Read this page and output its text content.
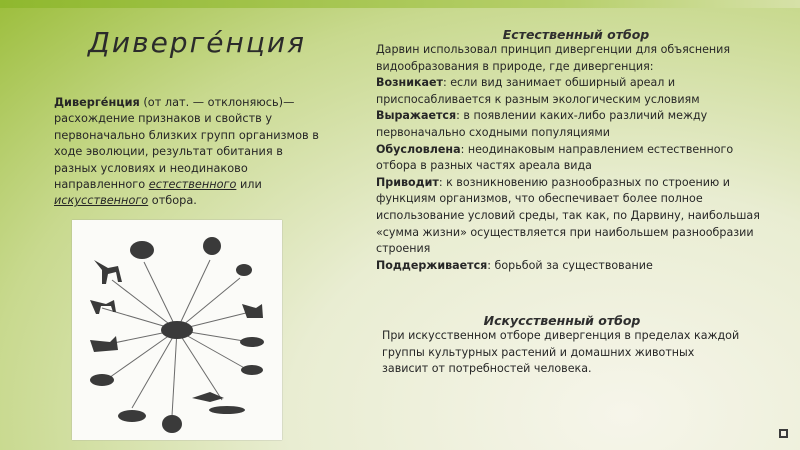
Диверге́нция
Диверге́нция (от лат. — отклоняюсь)—расхождение признаков и свойств у первоначально близких групп организмов в ходе эволюции, результат обитания в разных условиях и неодинаково направленного естественного или искусственного отбора.

Естественный отбор

Дарвин использовал принцип дивергенции для объяснения видообразования в природе, где дивергенция:

Возникает: если вид занимает обширный ареал и приспосабливается к разным экологическим условиям

Выражается: в появлении каких-либо различий между первоначально сходными популяциями

Обусловлена: неодинаковым направлением естественного отбора в разных частях ареала вида

Приводит: к возникновению разнообразных по строению и функциям организмов, что обеспечивает более полное использование условий среды, так как, по Дарвину, наибольшая «сумма жизни» осуществляется при наибольшем разнообразии строения

Поддерживается: борьбой за существование

Искусственный отбор

При искусственном отборе дивергенция в пределах каждой группы культурных растений и домашних животных зависит от потребностей человека.
